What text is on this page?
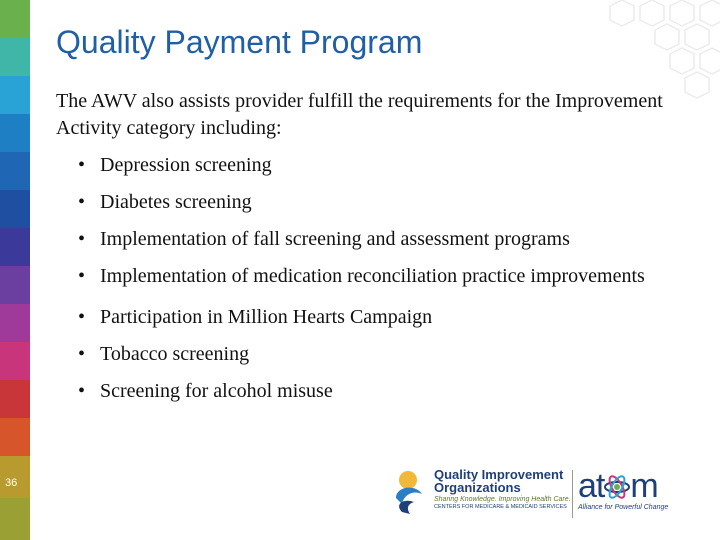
Quality Payment Program
The AWV also assists provider fulfill the requirements for the Improvement Activity category including:
• Depression screening
• Diabetes screening
• Implementation of fall screening and assessment programs
• Implementation of medication reconciliation practice improvements
• Participation in Million Hearts Campaign
• Tobacco screening
• Screening for alcohol misuse
36
Quality Improvement
Organizations
Sharing Knowledge. Improving Health Care.
CENTERS FOR MEDICARE & MEDICAID SERVICES
at m
Alliance for Powerful Change
